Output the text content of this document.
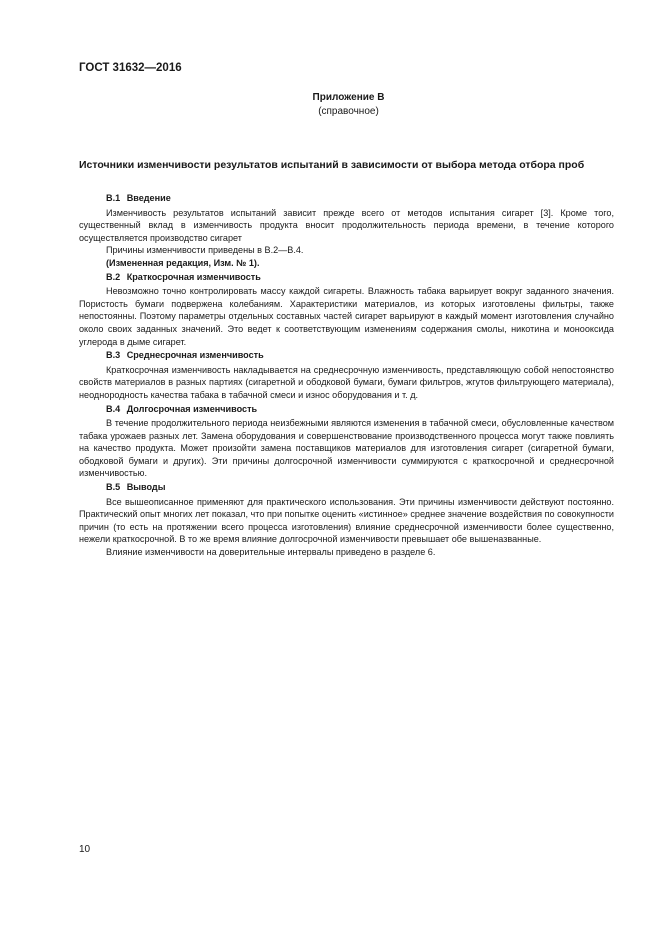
ГОСТ 31632—2016
Приложение В
(справочное)
Источники изменчивости результатов испытаний в зависимости от выбора метода отбора проб
В.1 Введение

Изменчивость результатов испытаний зависит прежде всего от методов испытания сигарет [3]. Кроме того, существенный вклад в изменчивость продукта вносит продолжительность периода времени, в течение которого осуществляется производство сигарет

Причины изменчивости приведены в В.2—В.4.

(Измененная редакция, Изм. № 1).

В.2 Краткосрочная изменчивость

Невозможно точно контролировать массу каждой сигареты. Влажность табака варьирует вокруг заданного значения. Пористость бумаги подвержена колебаниям. Характеристики материалов, из которых изготовлены фильтры, также непостоянны. Поэтому параметры отдельных составных частей сигарет варьируют в каждый момент изготовления случайно около своих заданных значений. Это ведет к соответствующим изменениям содержания смолы, никотина и монооксида углерода в дыме сигарет.

В.3 Среднесрочная изменчивость

Краткосрочная изменчивость накладывается на среднесрочную изменчивость, представляющую собой непостоянство свойств материалов в разных партиях (сигаретной и ободковой бумаги, бумаги фильтров, жгутов фильтрующего материала), неоднородность качества табака в табачной смеси и износ оборудования и т. д.

В.4 Долгосрочная изменчивость

В течение продолжительного периода неизбежными являются изменения в табачной смеси, обусловленные качеством табака урожаев разных лет. Замена оборудования и совершенствование производственного процесса могут также повлиять на качество продукта. Может произойти замена поставщиков материалов для изготовления сигарет (сигаретной бумаги, ободковой бумаги и других). Эти причины долгосрочной изменчивости суммируются с краткосрочной и среднесрочной изменчивостью.

В.5 Выводы

Все вышеописанное применяют для практического использования. Эти причины изменчивости действуют постоянно. Практический опыт многих лет показал, что при попытке оценить «истинное» среднее значение воздействия по совокупности причин (то есть на протяжении всего процесса изготовления) влияние среднесрочной изменчивости более существенно, нежели краткосрочной. В то же время влияние долгосрочной изменчивости превышает обе вышеназванные.

Влияние изменчивости на доверительные интервалы приведено в разделе 6.

10
